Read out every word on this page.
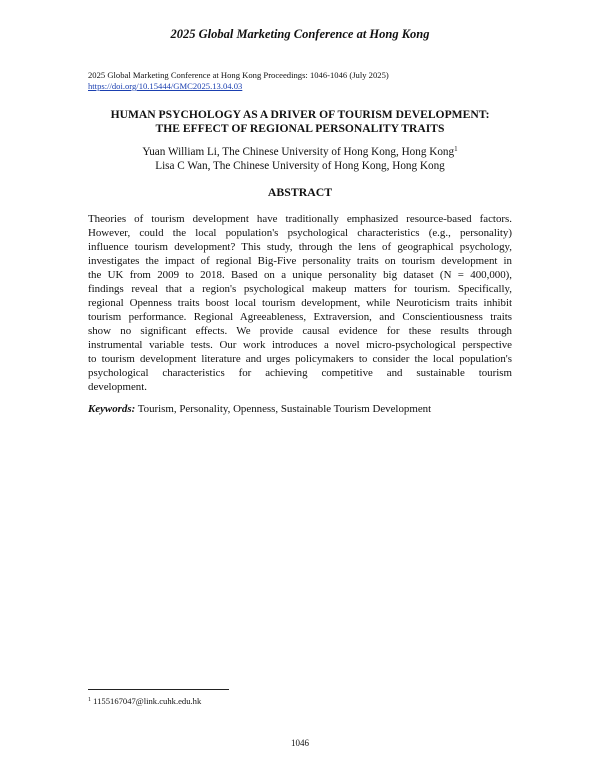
2025 Global Marketing Conference at Hong Kong
2025 Global Marketing Conference at Hong Kong Proceedings: 1046-1046 (July 2025)
https://doi.org/10.15444/GMC2025.13.04.03
HUMAN PSYCHOLOGY AS A DRIVER OF TOURISM DEVELOPMENT:
THE EFFECT OF REGIONAL PERSONALITY TRAITS
Yuan William Li, The Chinese University of Hong Kong, Hong Kong$^1$
Lisa C Wan, The Chinese University of Hong Kong, Hong Kong
ABSTRACT
Theories of tourism development have traditionally emphasized resource-based factors.
However, could the local population's psychological characteristics (e.g., personality)
influence tourism development? This study, through the lens of geographical psychology,
investigates the impact of regional Big-Five personality traits on tourism development in
the UK from 2009 to 2018. Based on a unique personality big dataset (N = 400,000),
findings reveal that a region's psychological makeup matters for tourism. Specifically,
regional Openness traits boost local tourism development, while Neuroticism traits inhibit
tourism performance. Regional Agreeableness, Extraversion, and Conscientiousness traits
show no significant effects. We provide causal evidence for these results through
instrumental variable tests. Our work introduces a novel micro-psychological perspective
to tourism development literature and urges policymakers to consider the local population's
psychological characteristics for achieving competitive and sustainable tourism
development.
Keywords: Tourism, Personality, Openness, Sustainable Tourism Development
$^1$ 1155167047@link.cuhk.edu.hk
1046
